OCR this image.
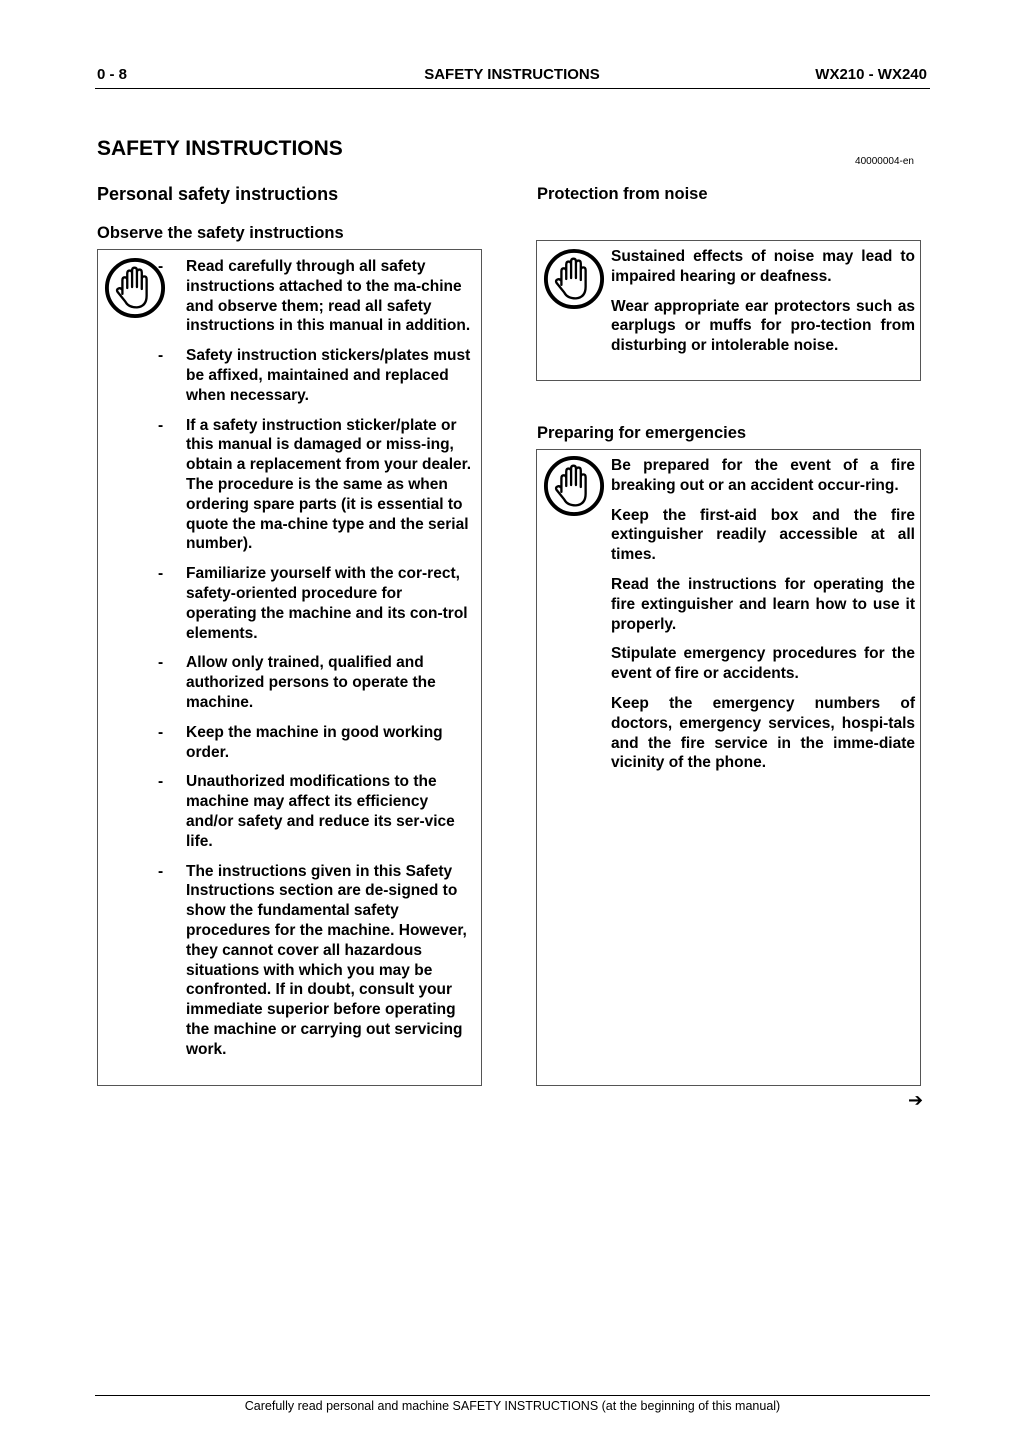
0 - 8	SAFETY INSTRUCTIONS	WX210 - WX240
SAFETY INSTRUCTIONS
40000004-en
Personal safety instructions
Observe the safety instructions
- Read carefully through all safety instructions attached to the ma-chine and observe them; read all safety instructions in this manual in addition.
- Safety instruction stickers/plates must be affixed, maintained and replaced when necessary.
- If a safety instruction sticker/plate or this manual is damaged or miss-ing, obtain a replacement from your dealer. The procedure is the same as when ordering spare parts (it is essential to quote the ma-chine type and the serial number).
- Familiarize yourself with the cor-rect, safety-oriented procedure for operating the machine and its con-trol elements.
- Allow only trained, qualified and authorized persons to operate the machine.
- Keep the machine in good working order.
- Unauthorized modifications to the machine may affect its efficiency and/or safety and reduce its ser-vice life.
- The instructions given in this Safety Instructions section are de-signed to show the fundamental safety procedures for the machine. However, they cannot cover all hazardous situations with which you may be confronted. If in doubt, consult your immediate superior before operating the machine or carrying out servicing work.
Protection from noise

Sustained effects of noise may lead to impaired hearing or deafness.

Wear appropriate ear protectors such as earplugs or muffs for pro-tection from disturbing or intolerable noise.

Preparing for emergencies

Be prepared for the event of a fire breaking out or an accident occur-ring.

Keep the first-aid box and the fire extinguisher readily accessible at all times.

Read the instructions for operating the fire extinguisher and learn how to use it properly.

Stipulate emergency procedures for the event of fire or accidents.

Keep the emergency numbers of doctors, emergency services, hospi-tals and the fire service in the imme-diate vicinity of the phone.

➔
Carefully read personal and machine SAFETY INSTRUCTIONS (at the beginning of this manual)
